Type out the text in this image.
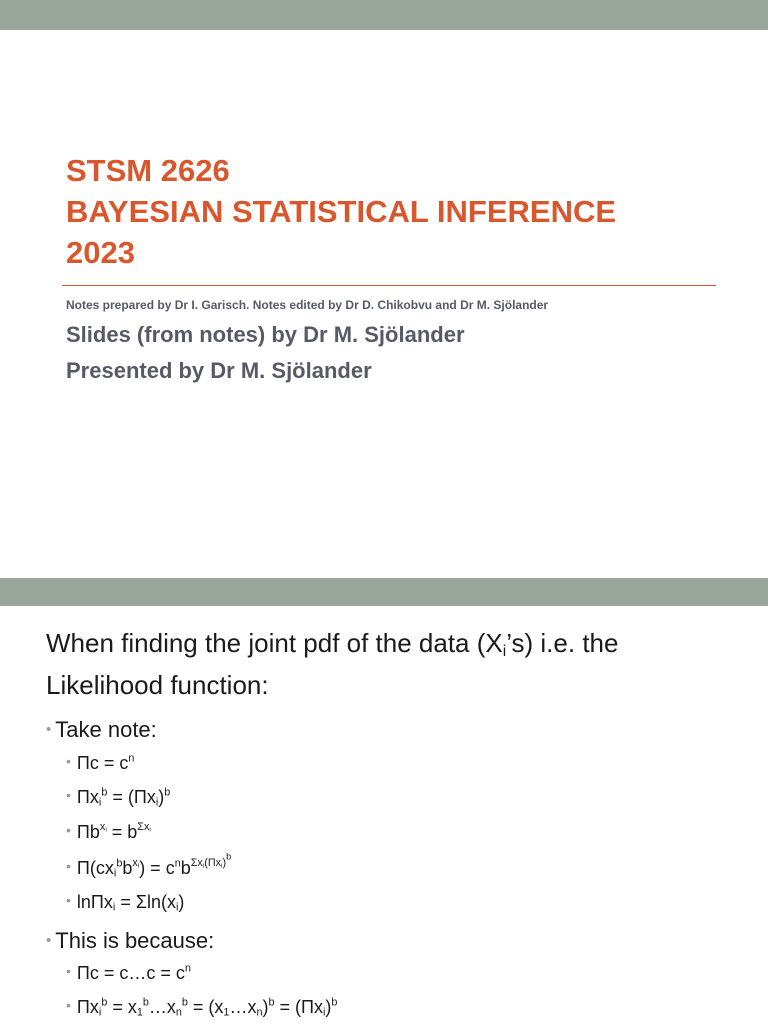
STSM 2626
BAYESIAN STATISTICAL INFERENCE
2023
Notes prepared by Dr I. Garisch. Notes edited by Dr D. Chikobvu and Dr M. Sjölander
Slides (from notes) by Dr M. Sjölander
Presented by Dr M. Sjölander
When finding the joint pdf of the data $(X_i’s)$ i.e. the Likelihood function:
• Take note:
• $\Pi c = c^n$
• $\Pi x_i^b = (\Pi x_i)^b$
• $\Pi b^{x_i} = b^{\Sigma x_i}$
• $\Pi(cx_i^bb^{x_i}) = c^nb^{\Sigma x_i(\Pi x_i)^b}$
• $\ln\Pi x_i = \Sigma\ln(x_i)$
• This is because:
• Πc = c…c = $c^n$
• $\Pi x_i^b$ = $x_1^b\dots x_n^b$ = $(x_1\dots x_n)^b = (\Pi x_i)^b$
